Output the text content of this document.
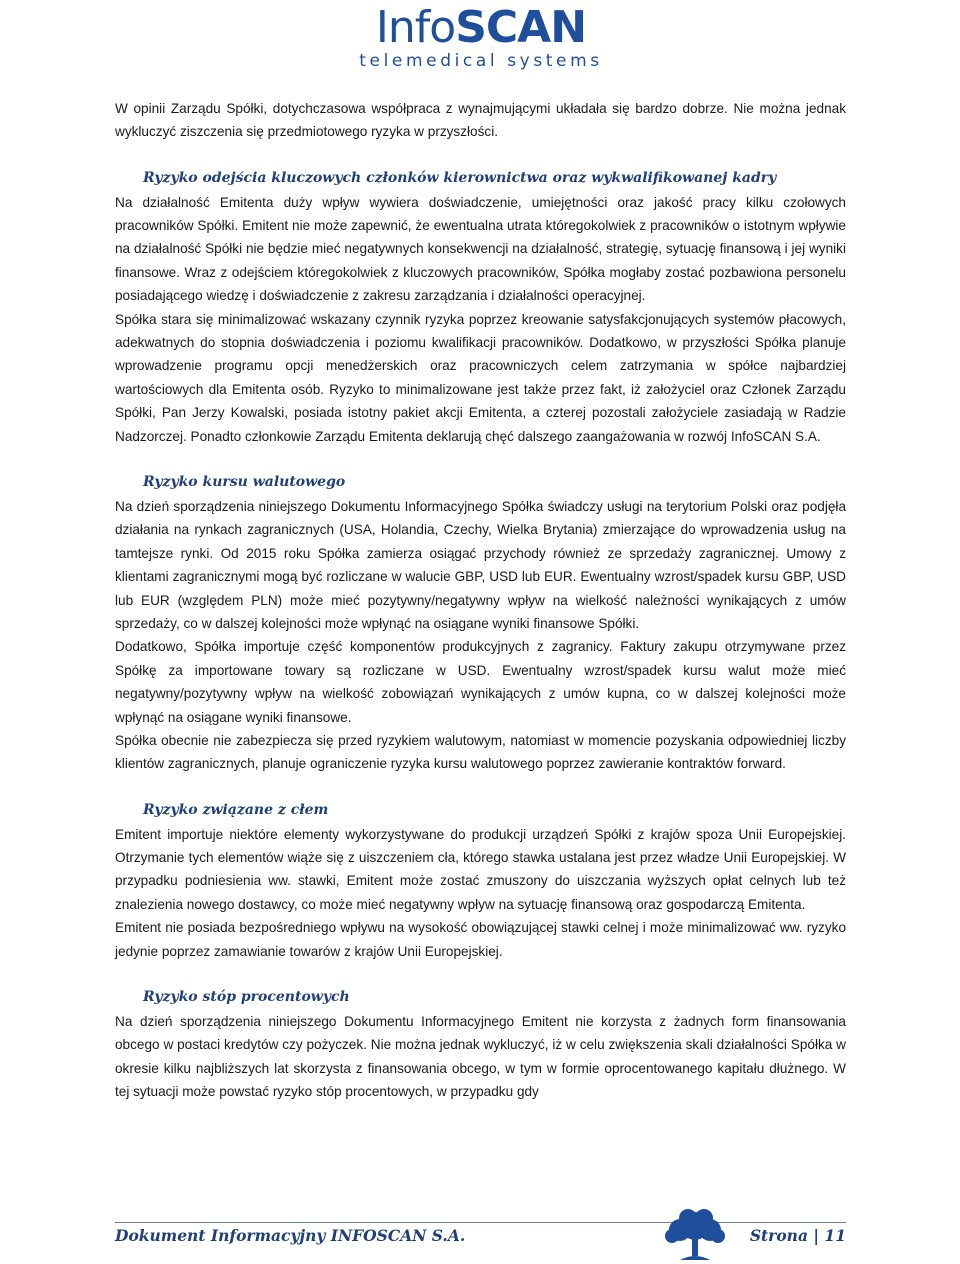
InfoSCAN
telemedical systems

W opinii Zarządu Spółki, dotychczasowa współpraca z wynajmującymi układała się bardzo dobrze. Nie można jednak wykluczyć ziszczenia się przedmiotowego ryzyka w przyszłości.

Ryzyko odejścia kluczowych członków kierownictwa oraz wykwalifikowanej kadry

Na działalność Emitenta duży wpływ wywiera doświadczenie, umiejętności oraz jakość pracy kilku czołowych pracowników Spółki. Emitent nie może zapewnić, że ewentualna utrata któregokolwiek z pracowników o istotnym wpływie na działalność Spółki nie będzie mieć negatywnych konsekwencji na działalność, strategię, sytuację finansową i jej wyniki finansowe. Wraz z odejściem któregokolwiek z kluczowych pracowników, Spółka mogłaby zostać pozbawiona personelu posiadającego wiedzę i doświadczenie z zakresu zarządzania i działalności operacyjnej.

Spółka stara się minimalizować wskazany czynnik ryzyka poprzez kreowanie satysfakcjonujących systemów płacowych, adekwatnych do stopnia doświadczenia i poziomu kwalifikacji pracowników. Dodatkowo, w przyszłości Spółka planuje wprowadzenie programu opcji menedżerskich oraz pracowniczych celem zatrzymania w spółce najbardziej wartościowych dla Emitenta osób. Ryzyko to minimalizowane jest także przez fakt, iż założyciel oraz Członek Zarządu Spółki, Pan Jerzy Kowalski, posiada istotny pakiet akcji Emitenta, a czterej pozostali założyciele zasiadają w Radzie Nadzorczej. Ponadto członkowie Zarządu Emitenta deklarują chęć dalszego zaangażowania w rozwój InfoSCAN S.A.

Ryzyko kursu walutowego

Na dzień sporządzenia niniejszego Dokumentu Informacyjnego Spółka świadczy usługi na terytorium Polski oraz podjęła działania na rynkach zagranicznych (USA, Holandia, Czechy, Wielka Brytania) zmierzające do wprowadzenia usług na tamtejsze rynki. Od 2015 roku Spółka zamierza osiągać przychody również ze sprzedaży zagranicznej. Umowy z klientami zagranicznymi mogą być rozliczane w walucie GBP, USD lub EUR. Ewentualny wzrost/spadek kursu GBP, USD lub EUR (względem PLN) może mieć pozytywny/negatywny wpływ na wielkość należności wynikających z umów sprzedaży, co w dalszej kolejności może wpłynąć na osiągane wyniki finansowe Spółki.

Dodatkowo, Spółka importuje część komponentów produkcyjnych z zagranicy. Faktury zakupu otrzymywane przez Spółkę za importowane towary są rozliczane w USD. Ewentualny wzrost/spadek kursu walut może mieć negatywny/pozytywny wpływ na wielkość zobowiązań wynikających z umów kupna, co w dalszej kolejności może wpłynąć na osiągane wyniki finansowe.

Spółka obecnie nie zabezpiecza się przed ryzykiem walutowym, natomiast w momencie pozyskania odpowiedniej liczby klientów zagranicznych, planuje ograniczenie ryzyka kursu walutowego poprzez zawieranie kontraktów forward.

Ryzyko związane z cłem

Emitent importuje niektóre elementy wykorzystywane do produkcji urządzeń Spółki z krajów spoza Unii Europejskiej. Otrzymanie tych elementów wiąże się z uiszczeniem cła, którego stawka ustalana jest przez władze Unii Europejskiej. W przypadku podniesienia ww. stawki, Emitent może zostać zmuszony do uiszczania wyższych opłat celnych lub też znalezienia nowego dostawcy, co może mieć negatywny wpływ na sytuację finansową oraz gospodarczą Emitenta.

Emitent nie posiada bezpośredniego wpływu na wysokość obowiązującej stawki celnej i może minimalizować ww. ryzyko jedynie poprzez zamawianie towarów z krajów Unii Europejskiej.

Ryzyko stóp procentowych

Na dzień sporządzenia niniejszego Dokumentu Informacyjnego Emitent nie korzysta z żadnych form finansowania obcego w postaci kredytów czy pożyczek. Nie można jednak wykluczyć, iż w celu zwiększenia skali działalności Spółka w okresie kilku najbliższych lat skorzysta z finansowania obcego, w tym w formie oprocentowanego kapitału dłużnego. W tej sytuacji może powstać ryzyko stóp procentowych, w przypadku gdy

Dokument Informacyjny INFOSCAN S.A.	Strona | 11
